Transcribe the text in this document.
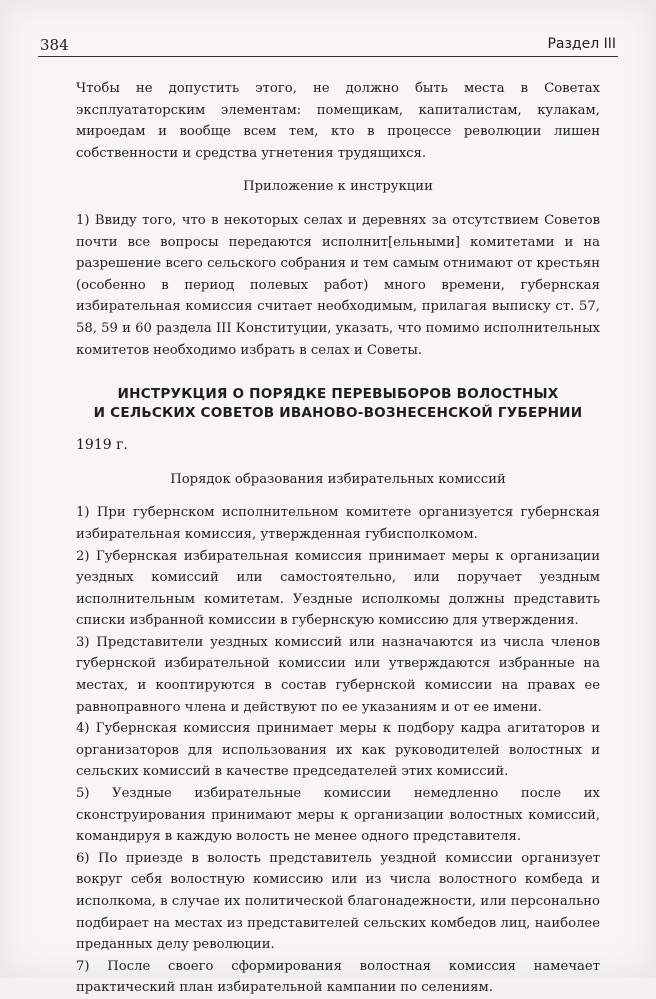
384	Раздел III

Чтобы не допустить этого, не должно быть места в Советах эксплуататорским элементам: помещикам, капиталистам, кулакам, мироедам и вообще всем тем, кто в процессе революции лишен собственности и средства угнетения трудящихся.

Приложение к инструкции

1) Ввиду того, что в некоторых селах и деревнях за отсутствием Советов почти все вопросы передаются исполнит[ельными] комитетами и на разрешение всего сельского собрания и тем самым отнимают от крестьян (особенно в период полевых работ) много времени, губернская избирательная комиссия считает необходимым, прилагая выписку ст. 57, 58, 59 и 60 раздела III Конституции, указать, что помимо исполнительных комитетов необходимо избрать в селах и Советы.

ИНСТРУКЦИЯ О ПОРЯДКЕ ПЕРЕВЫБОРОВ ВОЛОСТНЫХ
И СЕЛЬСКИХ СОВЕТОВ ИВАНОВО-ВОЗНЕСЕНСКОЙ ГУБЕРНИИ

1919 г.

Порядок образования избирательных комиссий

1) При губернском исполнительном комитете организуется губернская избирательная комиссия, утвержденная губисполкомом.

2) Губернская избирательная комиссия принимает меры к организации уездных комиссий или самостоятельно, или поручает уездным исполнительным комитетам. Уездные исполкомы должны представить списки избранной комиссии в губернскую комиссию для утверждения.

3) Представители уездных комиссий или назначаются из числа членов губернской избирательной комиссии или утверждаются избранные на местах, и кооптируются в состав губернской комиссии на правах ее равноправного члена и действуют по ее указаниям и от ее имени.

4) Губернская комиссия принимает меры к подбору кадра агитаторов и организаторов для использования их как руководителей волостных и сельских комиссий в качестве председателей этих комиссий.

5) Уездные избирательные комиссии немедленно после их сконструирования принимают меры к организации волостных комиссий, командируя в каждую волость не менее одного представителя.

6) По приезде в волость представитель уездной комиссии организует вокруг себя волостную комиссию или из числа волостного комбеда и исполкома, в случае их политической благонадежности, или персонально подбирает на местах из представителей сельских комбедов лиц, наиболее преданных делу революции.

7) После своего сформирования волостная комиссия намечает практический план избирательной кампании по селениям.
